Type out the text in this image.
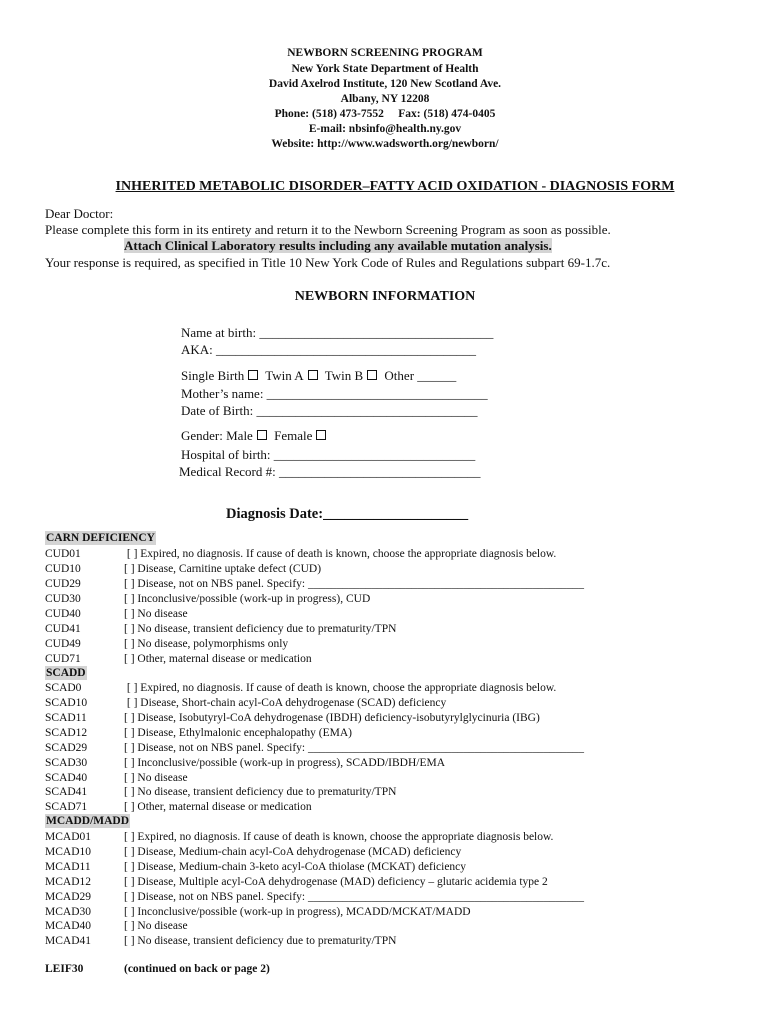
NEWBORN SCREENING PROGRAM
New York State Department of Health
David Axelrod Institute, 120 New Scotland Ave.
Albany, NY 12208
Phone: (518) 473-7552     Fax: (518) 474-0405
E-mail: nbsinfo@health.ny.gov
Website: http://www.wadsworth.org/newborn/
INHERITED METABOLIC DISORDER–FATTY ACID OXIDATION - DIAGNOSIS FORM
Dear Doctor:
Please complete this form in its entirety and return it to the Newborn Screening Program as soon as possible.
Attach Clinical Laboratory results including any available mutation analysis.
Your response is required, as specified in Title 10 New York Code of Rules and Regulations subpart 69-1.7c.
NEWBORN INFORMATION
Name at birth: ____________________________________
AKA: ________________________________________
Single Birth Twin A Twin B Other ______
Mother’s name: __________________________________
Date of Birth: __________________________________
Gender: Male Female
Hospital of birth: _______________________________
Medical Record #: _______________________________
Diagnosis Date:____________________
CARN DEFICIENCY
CUD01	[ ] Expired, no diagnosis. If cause of death is known, choose the appropriate diagnosis below.
CUD10	[ ] Disease, Carnitine uptake defect (CUD)
CUD29	[ ] Disease, not on NBS panel. Specify: ________________________________________________
CUD30	[ ] Inconclusive/possible (work-up in progress), CUD
CUD40	[ ] No disease
CUD41	[ ] No disease, transient deficiency due to prematurity/TPN
CUD49	[ ] No disease, polymorphisms only
CUD71	[ ] Other, maternal disease or medication
SCADD
SCAD0	[ ] Expired, no diagnosis. If cause of death is known, choose the appropriate diagnosis below.
SCAD10	[ ] Disease, Short-chain acyl-CoA dehydrogenase (SCAD) deficiency
SCAD11	[ ] Disease, Isobutyryl-CoA dehydrogenase (IBDH) deficiency-isobutyrylglycinuria (IBG)
SCAD12	[ ] Disease, Ethylmalonic encephalopathy (EMA)
SCAD29	[ ] Disease, not on NBS panel. Specify: ________________________________________________
SCAD30	[ ] Inconclusive/possible (work-up in progress), SCADD/IBDH/EMA
SCAD40	[ ] No disease
SCAD41	[ ] No disease, transient deficiency due to prematurity/TPN
SCAD71	[ ] Other, maternal disease or medication
MCADD/MADD
MCAD01	[ ] Expired, no diagnosis. If cause of death is known, choose the appropriate diagnosis below.
MCAD10	[ ] Disease, Medium-chain acyl-CoA dehydrogenase (MCAD) deficiency
MCAD11	[ ] Disease, Medium-chain 3-keto acyl-CoA thiolase (MCKAT) deficiency
MCAD12	[ ] Disease, Multiple acyl-CoA dehydrogenase (MAD) deficiency – glutaric acidemia type 2
MCAD29	[ ] Disease, not on NBS panel. Specify: ________________________________________________
MCAD30	[ ] Inconclusive/possible (work-up in progress), MCADD/MCKAT/MADD
MCAD40	[ ] No disease
MCAD41	[ ] No disease, transient deficiency due to prematurity/TPN
LEIF30	(continued on back or page 2)
